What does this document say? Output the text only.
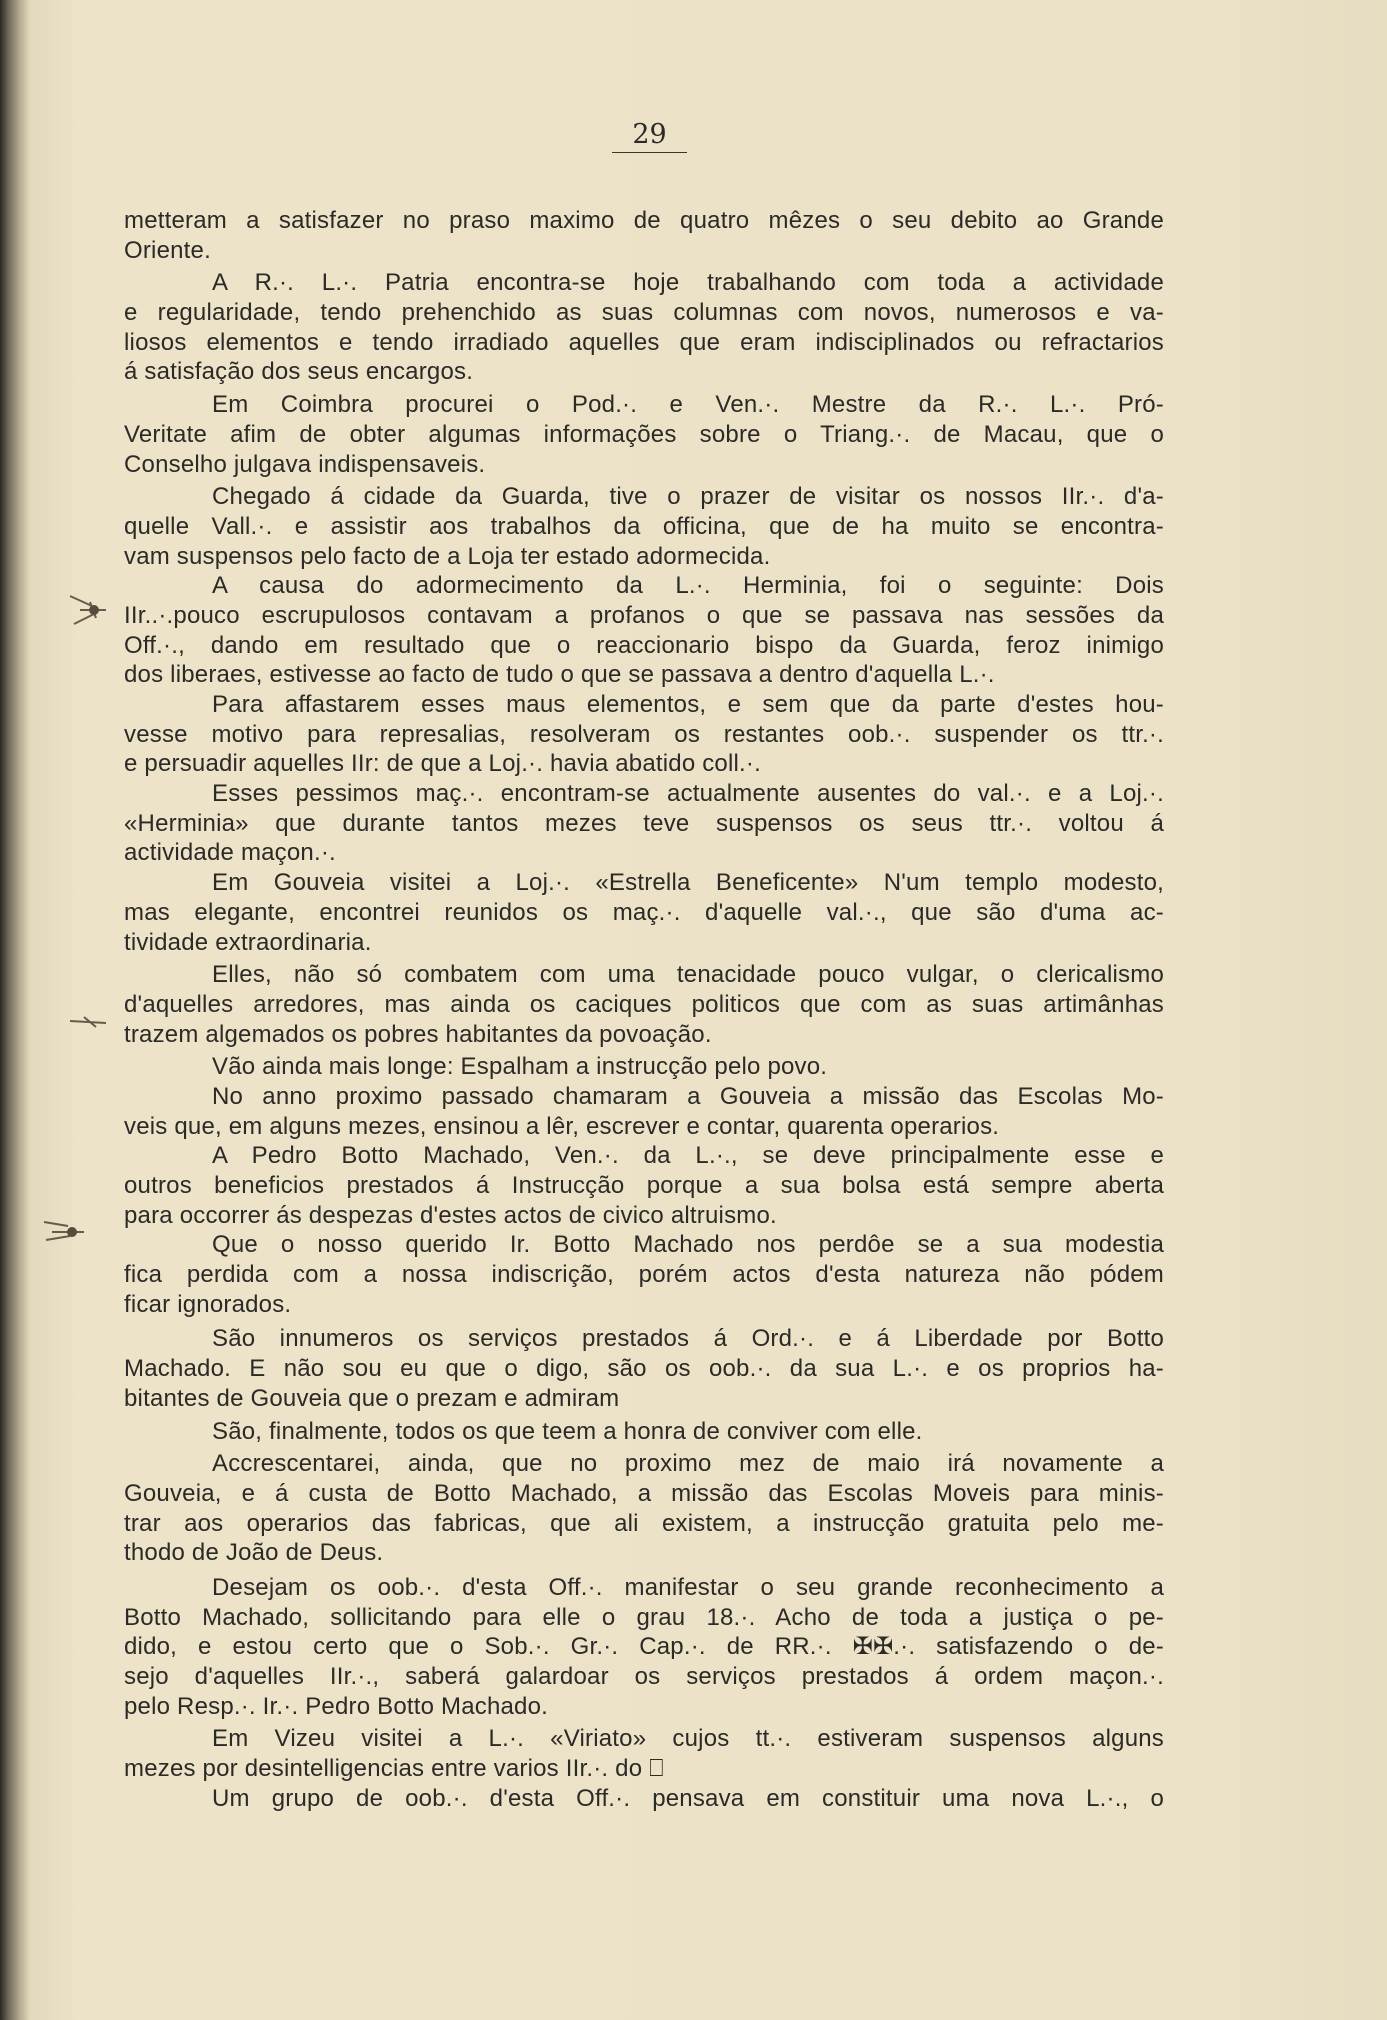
29
metteram a satisfazer no praso maximo de quatro mêzes o seu debito ao Grande
Oriente.
A R.·. L.·. Patria encontra-se hoje trabalhando com toda a actividade
e regularidade, tendo prehenchido as suas columnas com novos, numerosos e va-
liosos elementos e tendo irradiado aquelles que eram indisciplinados ou refractarios
á satisfação dos seus encargos.
Em Coimbra procurei o Pod.·. e Ven.·. Mestre da R.·. L.·. Pró-
Veritate afim de obter algumas informações sobre o Triang.·. de Macau, que o
Conselho julgava indispensaveis.
Chegado á cidade da Guarda, tive o prazer de visitar os nossos IIr.·. d'a-
quelle Vall.·. e assistir aos trabalhos da officina, que de ha muito se encontra-
vam suspensos pelo facto de a Loja ter estado adormecida.
A causa do adormecimento da L.·. Herminia, foi o seguinte: Dois
IIr..·.pouco escrupulosos contavam a profanos o que se passava nas sessões da
Off.·., dando em resultado que o reaccionario bispo da Guarda, feroz inimigo
dos liberaes, estivesse ao facto de tudo o que se passava a dentro d'aquella L.·.
Para affastarem esses maus elementos, e sem que da parte d'estes hou-
vesse motivo para represalias, resolveram os restantes oob.·. suspender os ttr.·.
e persuadir aquelles IIr: de que a Loj.·. havia abatido coll.·.
Esses pessimos maç.·. encontram-se actualmente ausentes do val.·. e a Loj.·.
«Herminia» que durante tantos mezes teve suspensos os seus ttr.·. voltou á
actividade maçon.·.
Em Gouveia visitei a Loj.·. «Estrella Beneficente» N'um templo modesto,
mas elegante, encontrei reunidos os maç.·. d'aquelle val.·., que são d'uma ac-
tividade extraordinaria.
Elles, não só combatem com uma tenacidade pouco vulgar, o clericalismo
d'aquelles arredores, mas ainda os caciques politicos que com as suas artimânhas
trazem algemados os pobres habitantes da povoação.
Vão ainda mais longe: Espalham a instrucção pelo povo.
No anno proximo passado chamaram a Gouveia a missão das Escolas Mo-
veis que, em alguns mezes, ensinou a lêr, escrever e contar, quarenta operarios.
A Pedro Botto Machado, Ven.·. da L.·., se deve principalmente esse e
outros beneficios prestados á Instrucção porque a sua bolsa está sempre aberta
para occorrer ás despezas d'estes actos de civico altruismo.
Que o nosso querido Ir. Botto Machado nos perdôe se a sua modestia
fica perdida com a nossa indiscrição, porém actos d'esta natureza não pódem
ficar ignorados.
São innumeros os serviços prestados á Ord.·. e á Liberdade por Botto
Machado. E não sou eu que o digo, são os oob.·. da sua L.·. e os proprios ha-
bitantes de Gouveia que o prezam e admiram
São, finalmente, todos os que teem a honra de conviver com elle.
Accrescentarei, ainda, que no proximo mez de maio irá novamente a
Gouveia, e á custa de Botto Machado, a missão das Escolas Moveis para minis-
trar aos operarios das fabricas, que ali existem, a instrucção gratuita pelo me-
thodo de João de Deus.
Desejam os oob.·. d'esta Off.·. manifestar o seu grande reconhecimento a
Botto Machado, sollicitando para elle o grau 18.·. Acho de toda a justiça o pe-
dido, e estou certo que o Sob.·. Gr.·. Cap.·. de RR.·. ✠✠.·. satisfazendo o de-
sejo d'aquelles IIr.·., saberá galardoar os serviços prestados á ordem maçon.·.
pelo Resp.·. Ir.·. Pedro Botto Machado.
Em Vizeu visitei a L.·. «Viriato» cujos tt.·. estiveram suspensos alguns
mezes por desintelligencias entre varios IIr.·. do ⎕
Um grupo de oob.·. d'esta Off.·. pensava em constituir uma nova L.·., o
